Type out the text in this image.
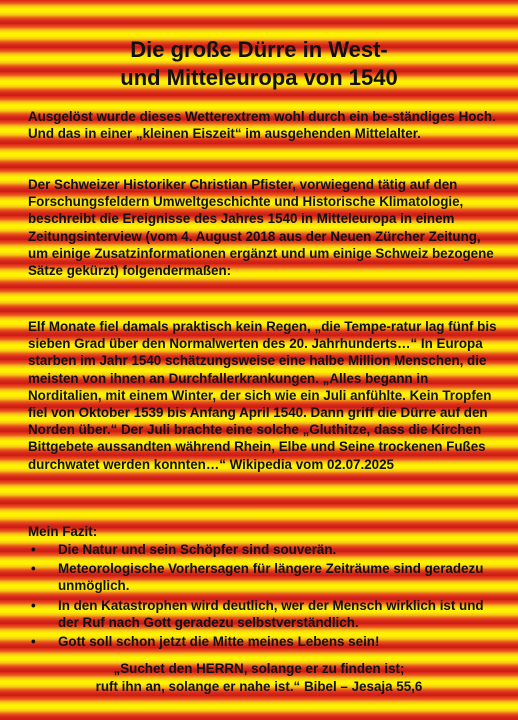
Die große Dürre in West-
und Mitteleuropa von 1540
Ausgelöst wurde dieses Wetterextrem wohl durch ein be-ständiges Hoch. Und das in einer „kleinen Eiszeit“ im ausgehenden Mittelalter.
Der Schweizer Historiker Christian Pfister, vorwiegend tätig auf den Forschungsfeldern Umweltgeschichte und Historische Klimatologie, beschreibt die Ereignisse des Jahres 1540 in Mitteleuropa in einem Zeitungsinterview (vom 4. August 2018 aus der Neuen Zürcher Zeitung, um einige Zusatzinformationen ergänzt und um einige Schweiz bezogene Sätze gekürzt) folgendermaßen:
Elf Monate fiel damals praktisch kein Regen, „die Tempe-ratur lag fünf bis sieben Grad über den Normalwerten des 20. Jahrhunderts…“ In Europa starben im Jahr 1540 schätzungsweise eine halbe Million Menschen, die meisten von ihnen an Durchfallerkrankungen. „Alles begann in Norditalien, mit einem Winter, der sich wie ein Juli anfühlte. Kein Tropfen fiel von Oktober 1539 bis Anfang April 1540. Dann griff die Dürre auf den Norden über.“ Der Juli brachte eine solche „Gluthitze, dass die Kirchen Bittgebete aussandten während Rhein, Elbe und Seine trockenen Fußes durchwatet werden konnten…“ Wikipedia vom 02.07.2025
Mein Fazit:
• Die Natur und sein Schöpfer sind souverän.
• Meteorologische Vorhersagen für längere Zeiträume sind geradezu unmöglich.
• In den Katastrophen wird deutlich, wer der Mensch wirklich ist und der Ruf nach Gott geradezu selbstverständlich.
• Gott soll schon jetzt die Mitte meines Lebens sein!
„Suchet den HERRN, solange er zu finden ist;
ruft ihn an, solange er nahe ist.“ Bibel – Jesaja 55,6
